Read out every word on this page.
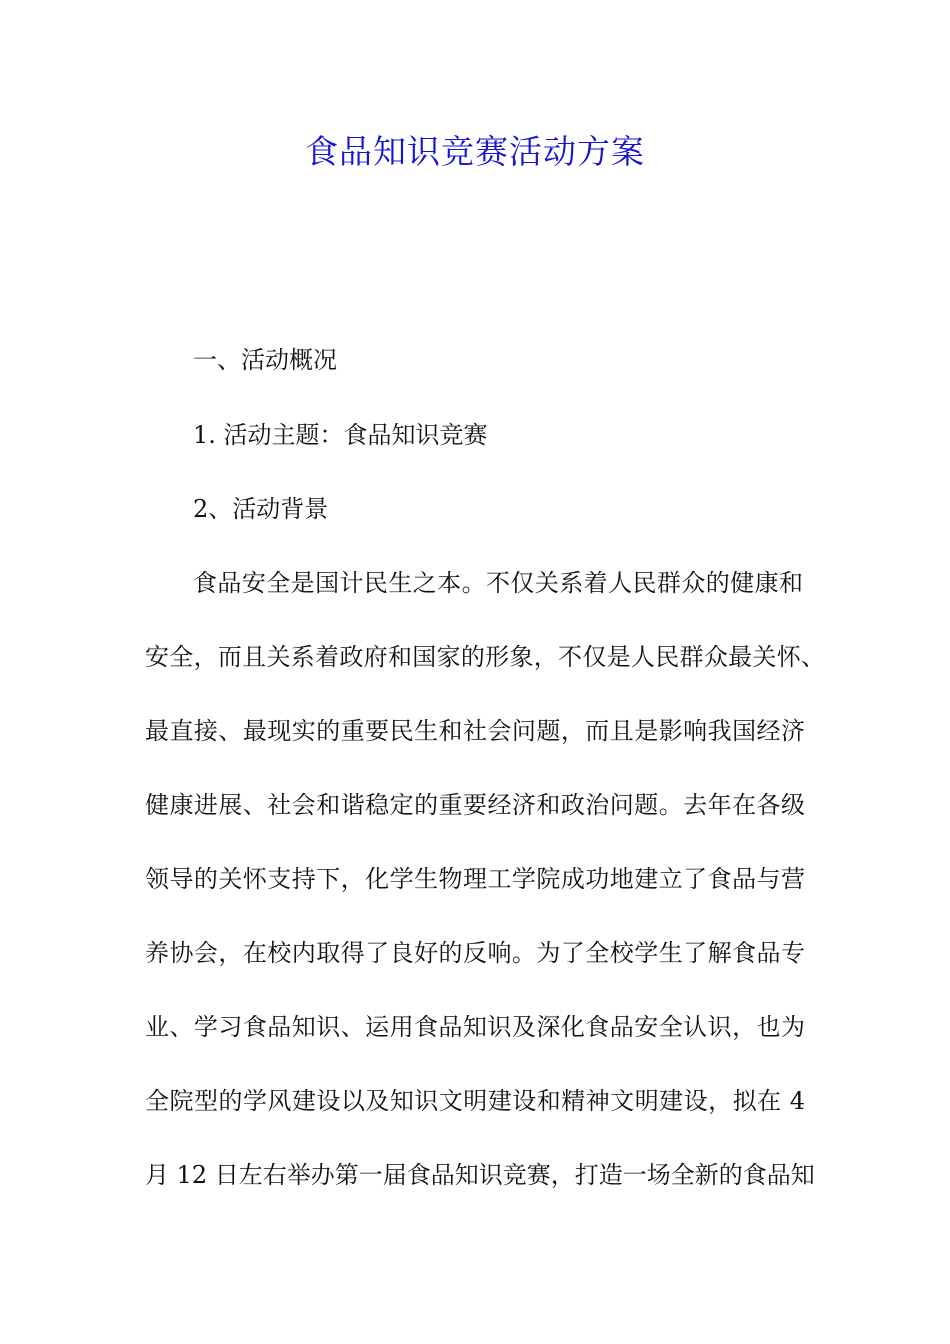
食品知识竞赛活动方案
一、活动概况
1. 活动主题：食品知识竞赛
2、活动背景
食品安全是国计民生之本。不仅关系着人民群众的健康和
安全，而且关系着政府和国家的形象，不仅是人民群众最关怀、
最直接、最现实的重要民生和社会问题，而且是影响我国经济
健康进展、社会和谐稳定的重要经济和政治问题。去年在各级
领导的关怀支持下，化学生物理工学院成功地建立了食品与营
养协会，在校内取得了良好的反响。为了全校学生了解食品专
业、学习食品知识、运用食品知识及深化食品安全认识，也为
全院型的学风建设以及知识文明建设和精神文明建设，拟在 4
月 12 日左右举办第一届食品知识竞赛，打造一场全新的食品知
